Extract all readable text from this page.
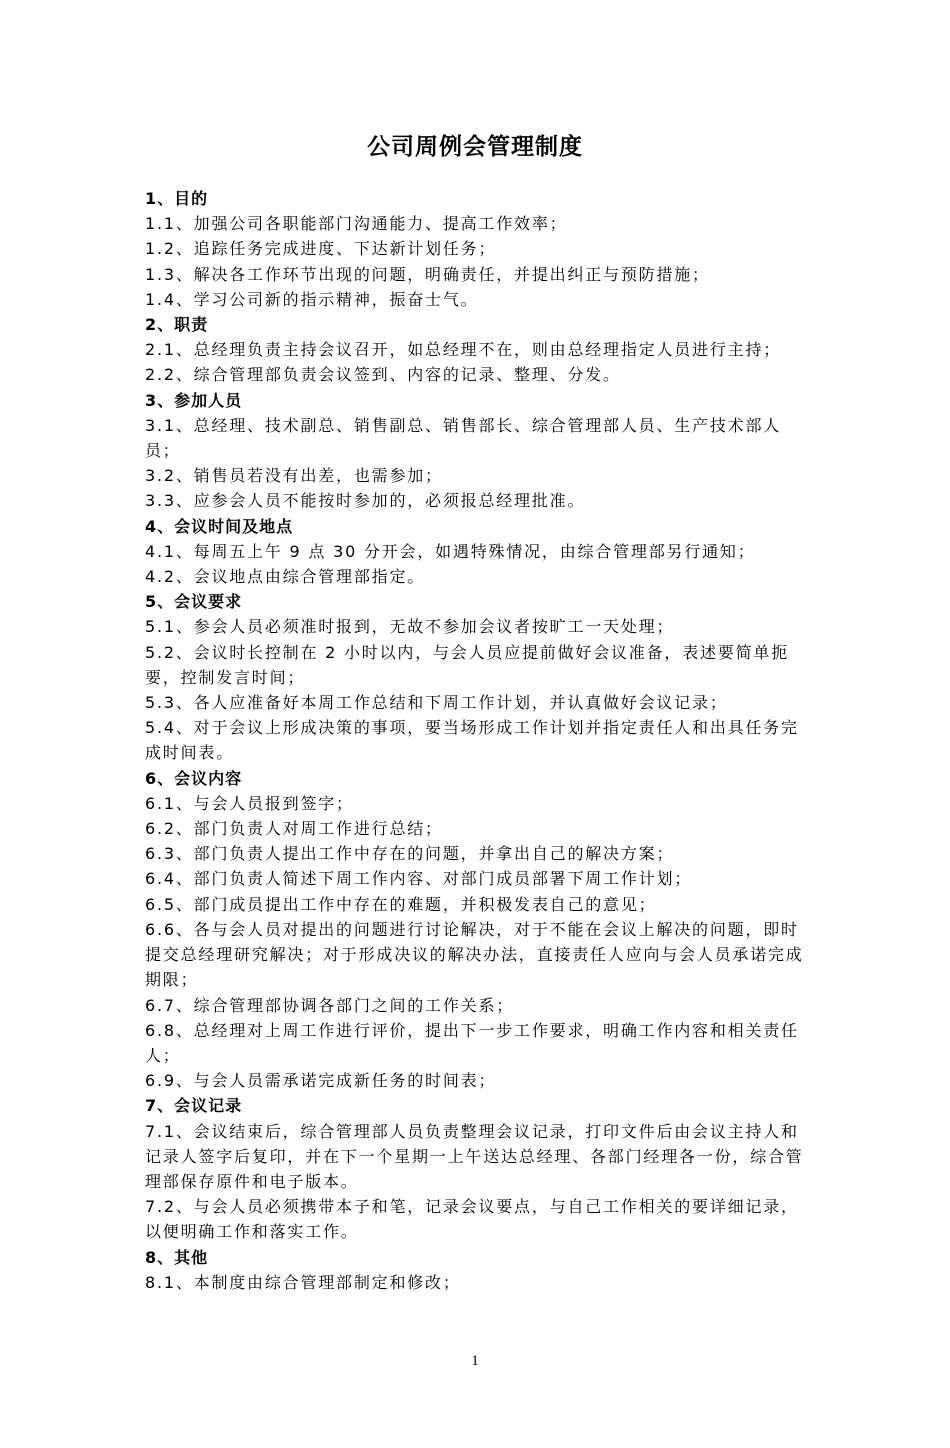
公司周例会管理制度
1、目的
1.1、加强公司各职能部门沟通能力、提高工作效率；
1.2、追踪任务完成进度、下达新计划任务；
1.3、解决各工作环节出现的问题，明确责任，并提出纠正与预防措施；
1.4、学习公司新的指示精神，振奋士气。
2、职责
2.1、总经理负责主持会议召开，如总经理不在，则由总经理指定人员进行主持；
2.2、综合管理部负责会议签到、内容的记录、整理、分发。
3、参加人员
3.1、总经理、技术副总、销售副总、销售部长、综合管理部人员、生产技术部人员；
3.2、销售员若没有出差，也需参加；
3.3、应参会人员不能按时参加的，必须报总经理批准。
4、会议时间及地点
4.1、每周五上午 9 点 30 分开会，如遇特殊情况，由综合管理部另行通知；
4.2、会议地点由综合管理部指定。
5、会议要求
5.1、参会人员必须准时报到，无故不参加会议者按旷工一天处理；
5.2、会议时长控制在 2 小时以内，与会人员应提前做好会议准备，表述要简单扼要，控制发言时间；
5.3、各人应准备好本周工作总结和下周工作计划，并认真做好会议记录；
5.4、对于会议上形成决策的事项，要当场形成工作计划并指定责任人和出具任务完成时间表。
6、会议内容
6.1、与会人员报到签字；
6.2、部门负责人对周工作进行总结；
6.3、部门负责人提出工作中存在的问题，并拿出自己的解决方案；
6.4、部门负责人简述下周工作内容、对部门成员部署下周工作计划；
6.5、部门成员提出工作中存在的难题，并积极发表自己的意见；
6.6、各与会人员对提出的问题进行讨论解决，对于不能在会议上解决的问题，即时提交总经理研究解决；对于形成决议的解决办法，直接责任人应向与会人员承诺完成期限；
6.7、综合管理部协调各部门之间的工作关系；
6.8、总经理对上周工作进行评价，提出下一步工作要求，明确工作内容和相关责任人；
6.9、与会人员需承诺完成新任务的时间表；
7、会议记录
7.1、会议结束后，综合管理部人员负责整理会议记录，打印文件后由会议主持人和记录人签字后复印，并在下一个星期一上午送达总经理、各部门经理各一份，综合管理部保存原件和电子版本。
7.2、与会人员必须携带本子和笔，记录会议要点，与自己工作相关的要详细记录，以便明确工作和落实工作。
8、其他
8.1、本制度由综合管理部制定和修改；
1
